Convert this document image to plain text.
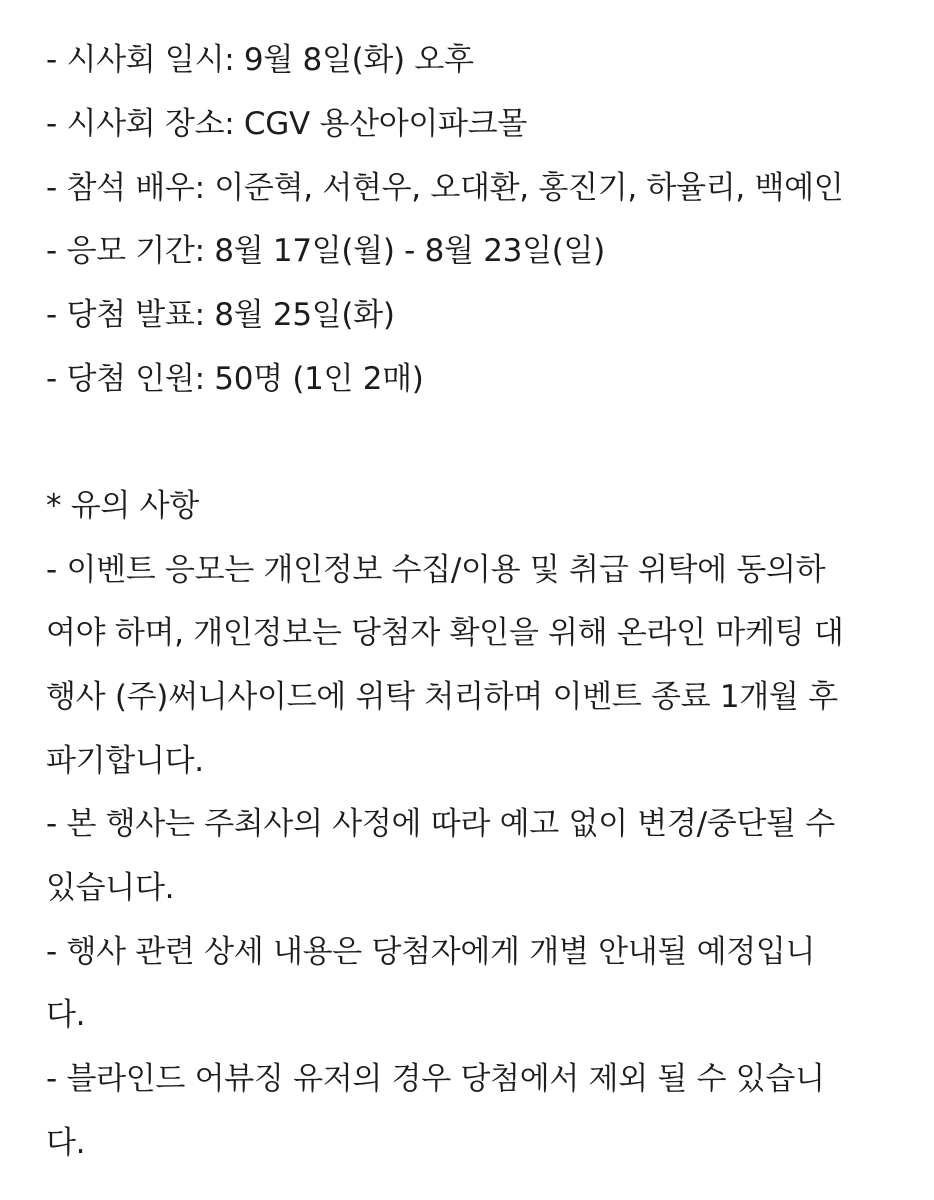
- 시사회 일시: 9월 8일(화) 오후

- 시사회 장소: CGV 용산아이파크몰

- 참석 배우: 이준혁, 서현우, 오대환, 홍진기, 하율리, 백예인

- 응모 기간: 8월 17일(월) - 8월 23일(일)

- 당첨 발표: 8월 25일(화)

- 당첨 인원: 50명 (1인 2매)

* 유의 사항

- 이벤트 응모는 개인정보 수집/이용 및 취급 위탁에 동의하

여야 하며, 개인정보는 당첨자 확인을 위해 온라인 마케팅 대

행사 (주)써니사이드에 위탁 처리하며 이벤트 종료 1개월 후

파기합니다.

- 본 행사는 주최사의 사정에 따라 예고 없이 변경/중단될 수

있습니다.

- 행사 관련 상세 내용은 당첨자에게 개별 안내될 예정입니

다.

- 블라인드 어뷰징 유저의 경우 당첨에서 제외 될 수 있습니

다.
